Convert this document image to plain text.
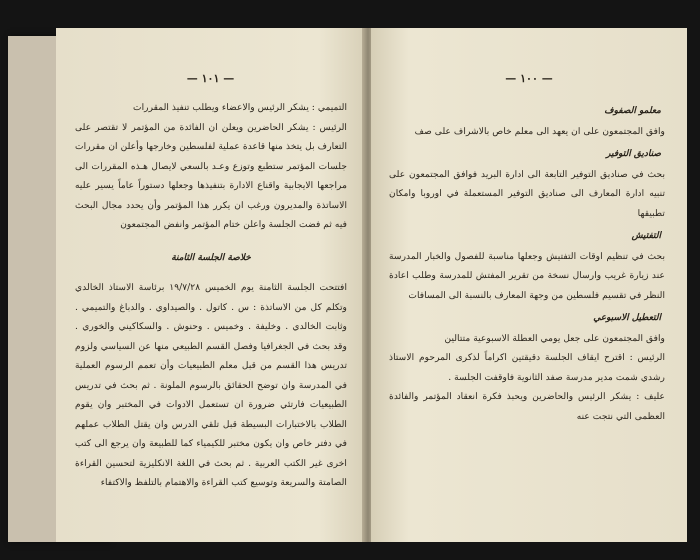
— ١٠١ —

التميمي : يشكر الرئيس والاعضاء ويطلب تنفيذ المقررات

الرئيس : يشكر الحاضرين ويعلن ان الفائدة من المؤتمر لا تقتصر على التعارف بل يتخذ منها قاعدة عملية لفلسطين وخارجها وأعلن ان مقررات جلسات المؤتمر ستطبع وتوزع وعـد بالسعي لايصال هـذه المقررات الى مراجعها الايجابية واقناع الادارة بتنفيذها وجعلها دستوراً عاماً يسير عليه الاساتذة والمديرون ورغب ان يكرر هذا المؤتمر وأن يحدد مجال البحث فيه ثم فضت الجلسة واعلن ختام المؤتمر وانفض المجتمعون

خلاصة الجلسة الثامنة

افتتحت الجلسة الثامنة يوم الخميس ١٩/٧/٢٨ برئاسة الاستاذ الخالدي وتكلم كل من الاساتذة : س . كاتول . والصيداوي . والدباغ والتميمي . وثابت الخالدي . وخليفة . وخميس . وحنوش . والسكاكيني والخوري . وقد بحث في الجغرافيا وفصل القسم الطبيعي منها عن السياسي ولزوم تدريس هذا القسم من قبل معلم الطبيعيات وأن تعمم الرسوم العملية في المدرسة وان توضح الحقائق بالرسوم الملونة . ثم بحث في تدريس الطبيعيات فارتئي ضرورة ان تستعمل الادوات في المختبر وان يقوم الطلاب بالاختبارات البسيطة قبل تلقي الدرس وان يقتل الطلاب عملهم في دفتر خاص وان يكون مختبر للكيمياء كما للطبيعة وان يرجع الى كتب اخرى غير الكتب العربية . ثم بحث في اللغة الانكليزية لتحسين القراءة الصامتة والسريعة وتوسيع كتب القراءة والاهتمام بالتلفظ والاكتفاء

— ١٠٠ —
معلمو الصفوف

وافق المجتمعون على ان يعهد الى معلم خاص بالاشراف على صف

صناديق التوفير

بحث في صناديق التوفير التابعة الى ادارة البريد فوافق المجتمعون على تنبيه ادارة المعارف الى صناديق التوفير المستعملة في اوروبا وامكان تطبيقها

التفتيش

بحث في تنظيم اوقات التفتيش وجعلها مناسبة للفصول والخبار المدرسة عند زيارة غريب وارسال نسخة من تقرير المفتش للمدرسة وطلب اعادة النظر في تقسيم فلسطين من وجهة المعارف بالنسبة الى المسافات

التعطيل الاسبوعي

وافق المجتمعون على جعل يومي العطلة الاسبوعية متتالين

الرئيس : اقترح ايقاف الجلسة دقيقتين اكراماً لذكرى المرحوم الاستاذ رشدي شمت مدير مدرسة صفد الثانوية فاوقفت الجلسة .

عليف : يشكر الرئيس والحاضرين ويحبذ فكرة انعقاد المؤتمر والفائدة العظمى التي نتجت عنه
